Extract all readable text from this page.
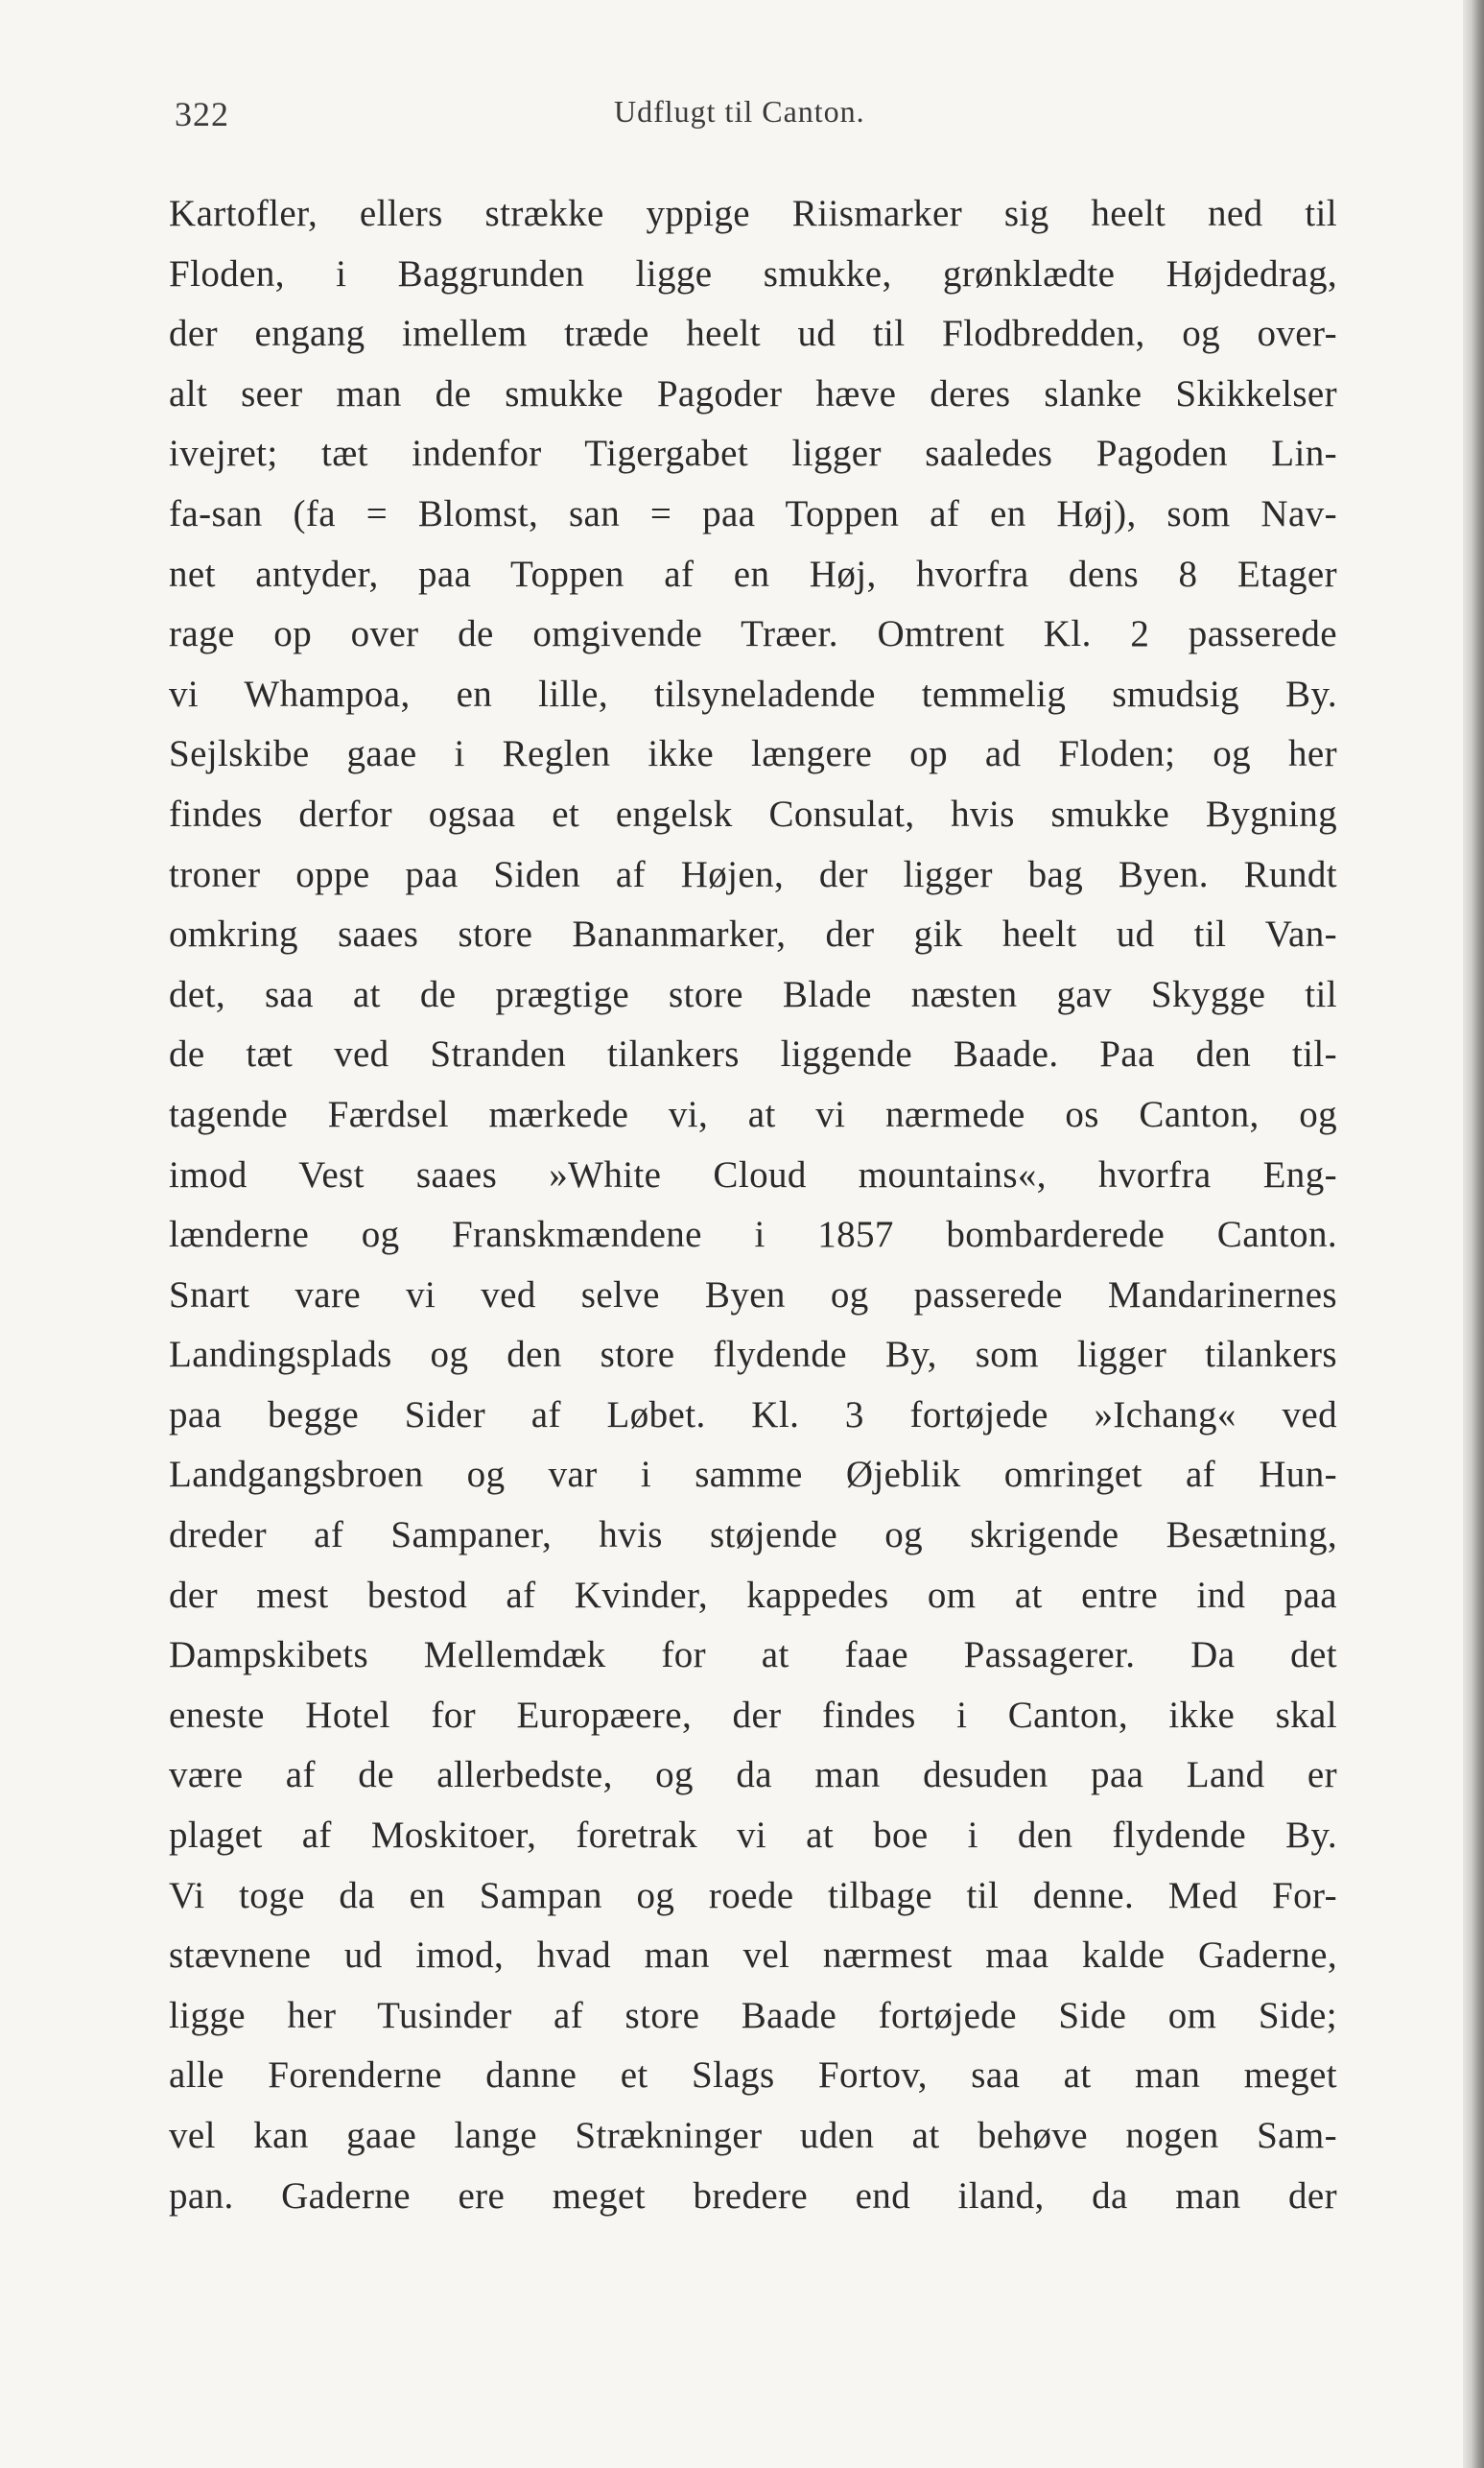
322	Udflugt til Canton.
Kartofler, ellers strække yppige Riismarker sig heelt ned til
Floden, i Baggrunden ligge smukke, grønklædte Højdedrag,
der engang imellem træde heelt ud til Flodbredden, og over-
alt seer man de smukke Pagoder hæve deres slanke Skikkelser
ivejret; tæt indenfor Tigergabet ligger saaledes Pagoden Lin-
fa-san (fa = Blomst, san = paa Toppen af en Høj), som Nav-
net antyder, paa Toppen af en Høj, hvorfra dens 8 Etager
rage op over de omgivende Træer. Omtrent Kl. 2 passerede
vi Whampoa, en lille, tilsyneladende temmelig smudsig By.
Sejlskibe gaae i Reglen ikke længere op ad Floden; og her
findes derfor ogsaa et engelsk Consulat, hvis smukke Bygning
troner oppe paa Siden af Højen, der ligger bag Byen. Rundt
omkring saaes store Bananmarker, der gik heelt ud til Van-
det, saa at de prægtige store Blade næsten gav Skygge til
de tæt ved Stranden tilankers liggende Baade. Paa den til-
tagende Færdsel mærkede vi, at vi nærmede os Canton, og
imod Vest saaes »White Cloud mountains«, hvorfra Eng-
lænderne og Franskmændene i 1857 bombarderede Canton.
Snart vare vi ved selve Byen og passerede Mandarinernes
Landingsplads og den store flydende By, som ligger tilankers
paa begge Sider af Løbet. Kl. 3 fortøjede »Ichang« ved
Landgangsbroen og var i samme Øjeblik omringet af Hun-
dreder af Sampaner, hvis støjende og skrigende Besætning,
der mest bestod af Kvinder, kappedes om at entre ind paa
Dampskibets Mellemdæk for at faae Passagerer. Da det
eneste Hotel for Europæere, der findes i Canton, ikke skal
være af de allerbedste, og da man desuden paa Land er
plaget af Moskitoer, foretrak vi at boe i den flydende By.
Vi toge da en Sampan og roede tilbage til denne. Med For-
stævnene ud imod, hvad man vel nærmest maa kalde Gaderne,
ligge her Tusinder af store Baade fortøjede Side om Side;
alle Forenderne danne et Slags Fortov, saa at man meget
vel kan gaae lange Strækninger uden at behøve nogen Sam-
pan. Gaderne ere meget bredere end iland, da man der
